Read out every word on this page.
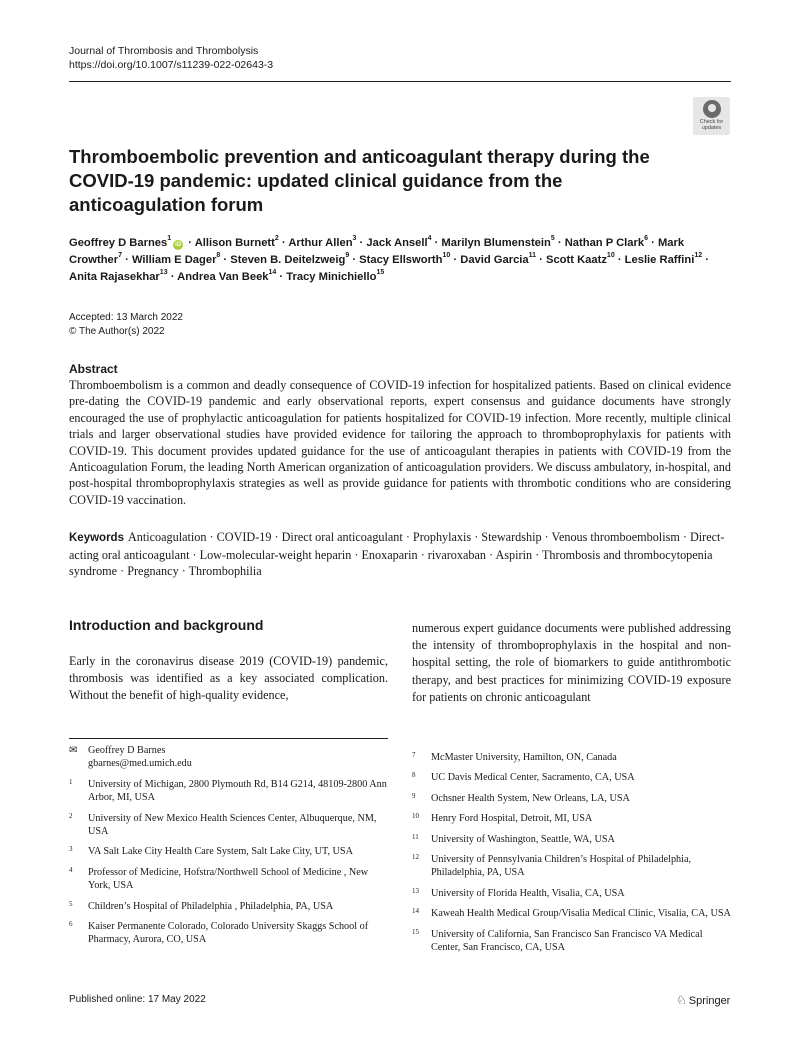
Journal of Thrombosis and Thrombolysis
https://doi.org/10.1007/s11239-022-02643-3
Check for
updates
Thromboembolic prevention and anticoagulant therapy during the COVID-19 pandemic: updated clinical guidance from the anticoagulation forum
Geoffrey D Barnes$^1$iD · Allison Burnett$^2$ · Arthur Allen$^3$ · Jack Ansell$^4$ · Marilyn Blumenstein$^5$ · Nathan P Clark$^6$ · Mark Crowther$^7$ · William E Dager$^8$ · Steven B. Deitelzweig$^9$ · Stacy Ellsworth$^{10}$ · David Garcia$^{11}$ · Scott Kaatz$^{10}$ · Leslie Raffini$^{12}$ · Anita Rajasekhar$^{13}$ · Andrea Van Beek$^{14}$ · Tracy Minichiello$^{15}$
Accepted: 13 March 2022
© The Author(s) 2022
Abstract

Thromboembolism is a common and deadly consequence of COVID-19 infection for hospitalized patients. Based on clinical evidence pre-dating the COVID-19 pandemic and early observational reports, expert consensus and guidance documents have strongly encouraged the use of prophylactic anticoagulation for patients hospitalized for COVID-19 infection. More recently, multiple clinical trials and larger observational studies have provided evidence for tailoring the approach to thromboprophylaxis for patients with COVID-19. This document provides updated guidance for the use of anticoagulant therapies in patients with COVID-19 from the Anticoagulation Forum, the leading North American organization of anticoagulation providers. We discuss ambulatory, in-hospital, and post-hospital thromboprophylaxis strategies as well as provide guidance for patients with thrombotic conditions who are considering COVID-19 vaccination.

Keywords Anticoagulation · COVID-19 · Direct oral anticoagulant · Prophylaxis · Stewardship · Venous thromboembolism · Direct-acting oral anticoagulant · Low-molecular-weight heparin · Enoxaparin · rivaroxaban · Aspirin · Thrombosis and thrombocytopenia syndrome · Pregnancy · Thrombophilia
Introduction and background

Early in the coronavirus disease 2019 (COVID-19) pandemic, thrombosis was identified as a key associated complication. Without the benefit of high-quality evidence,

numerous expert guidance documents were published addressing the intensity of thromboprophylaxis in the hospital and non-hospital setting, the role of biomarkers to guide antithrombotic therapy, and best practices for minimizing COVID-19 exposure for patients on chronic anticoagulant

✉ Geoffrey D Barnes
gbarnes@med.umich.edu
1 University of Michigan, 2800 Plymouth Rd, B14 G214, 48109-2800 Ann Arbor, MI, USA
2 University of New Mexico Health Sciences Center, Albuquerque, NM, USA
3 VA Salt Lake City Health Care System, Salt Lake City, UT, USA
4 Professor of Medicine, Hofstra/Northwell School of Medicine , New York, USA
5 Children’s Hospital of Philadelphia , Philadelphia, PA, USA
6 Kaiser Permanente Colorado, Colorado University Skaggs School of Pharmacy, Aurora, CO, USA
7 McMaster University, Hamilton, ON, Canada
8 UC Davis Medical Center, Sacramento, CA, USA
9 Ochsner Health System, New Orleans, LA, USA
10 Henry Ford Hospital, Detroit, MI, USA
11 University of Washington, Seattle, WA, USA
12 University of Pennsylvania Children’s Hospital of Philadelphia, Philadelphia, PA, USA
13 University of Florida Health, Visalia, CA, USA
14 Kaweah Health Medical Group/Visalia Medical Clinic, Visalia, CA, USA
15 University of California, San Francisco San Francisco VA Medical Center, San Francisco, CA, USA
Published online: 17 May 2022	♘ Springer
